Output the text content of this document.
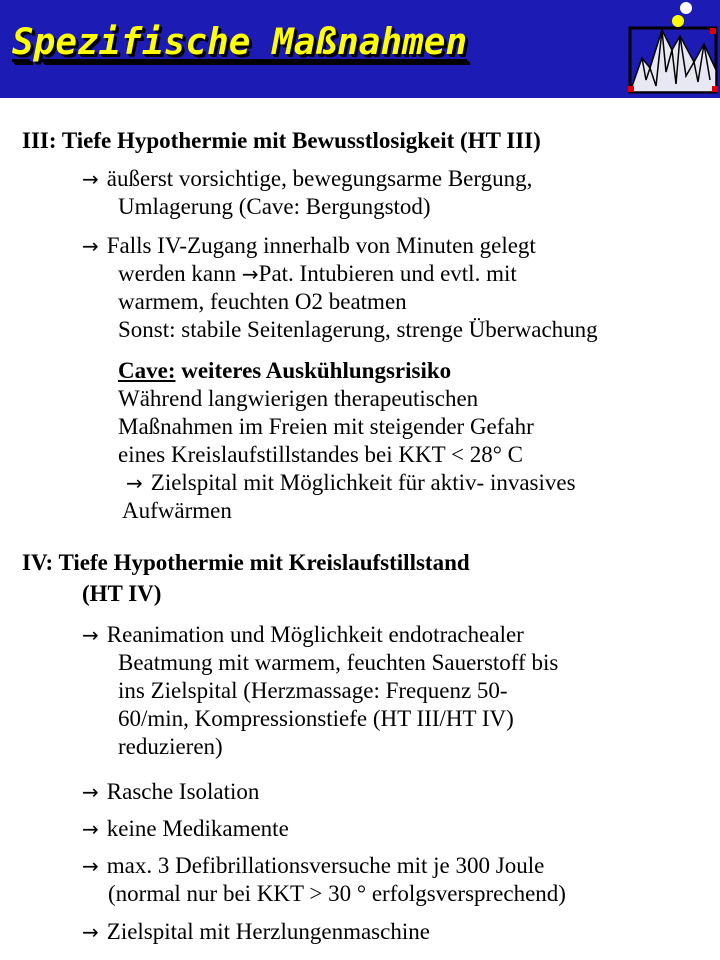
Spezifische Maßnahmen
III: Tiefe Hypothermie mit Bewusstlosigkeit (HT III)
→ äußerst vorsichtige, bewegungsarme Bergung,
Umlagerung (Cave: Bergungstod)
→ Falls IV-Zugang innerhalb von Minuten gelegt
werden kann →Pat. Intubieren und evtl. mit
warmem, feuchten O2 beatmen
Sonst: stabile Seitenlagerung, strenge Überwachung
Cave: weiteres Auskühlungsrisiko
Während langwierigen therapeutischen
Maßnahmen im Freien mit steigender Gefahr
eines Kreislaufstillstandes bei KKT < 28° C
→ Zielspital mit Möglichkeit für aktiv- invasives
Aufwärmen
IV: Tiefe Hypothermie mit Kreislaufstillstand
(HT IV)
→ Reanimation und Möglichkeit endotrachealer
Beatmung mit warmem, feuchten Sauerstoff bis
ins Zielspital (Herzmassage: Frequenz 50-
60/min, Kompressionstiefe (HT III/HT IV)
reduzieren)
→ Rasche Isolation
→ keine Medikamente
→ max. 3 Defibrillationsversuche mit je 300 Joule
(normal nur bei KKT > 30 ° erfolgsversprechend)
→ Zielspital mit Herzlungenmaschine
